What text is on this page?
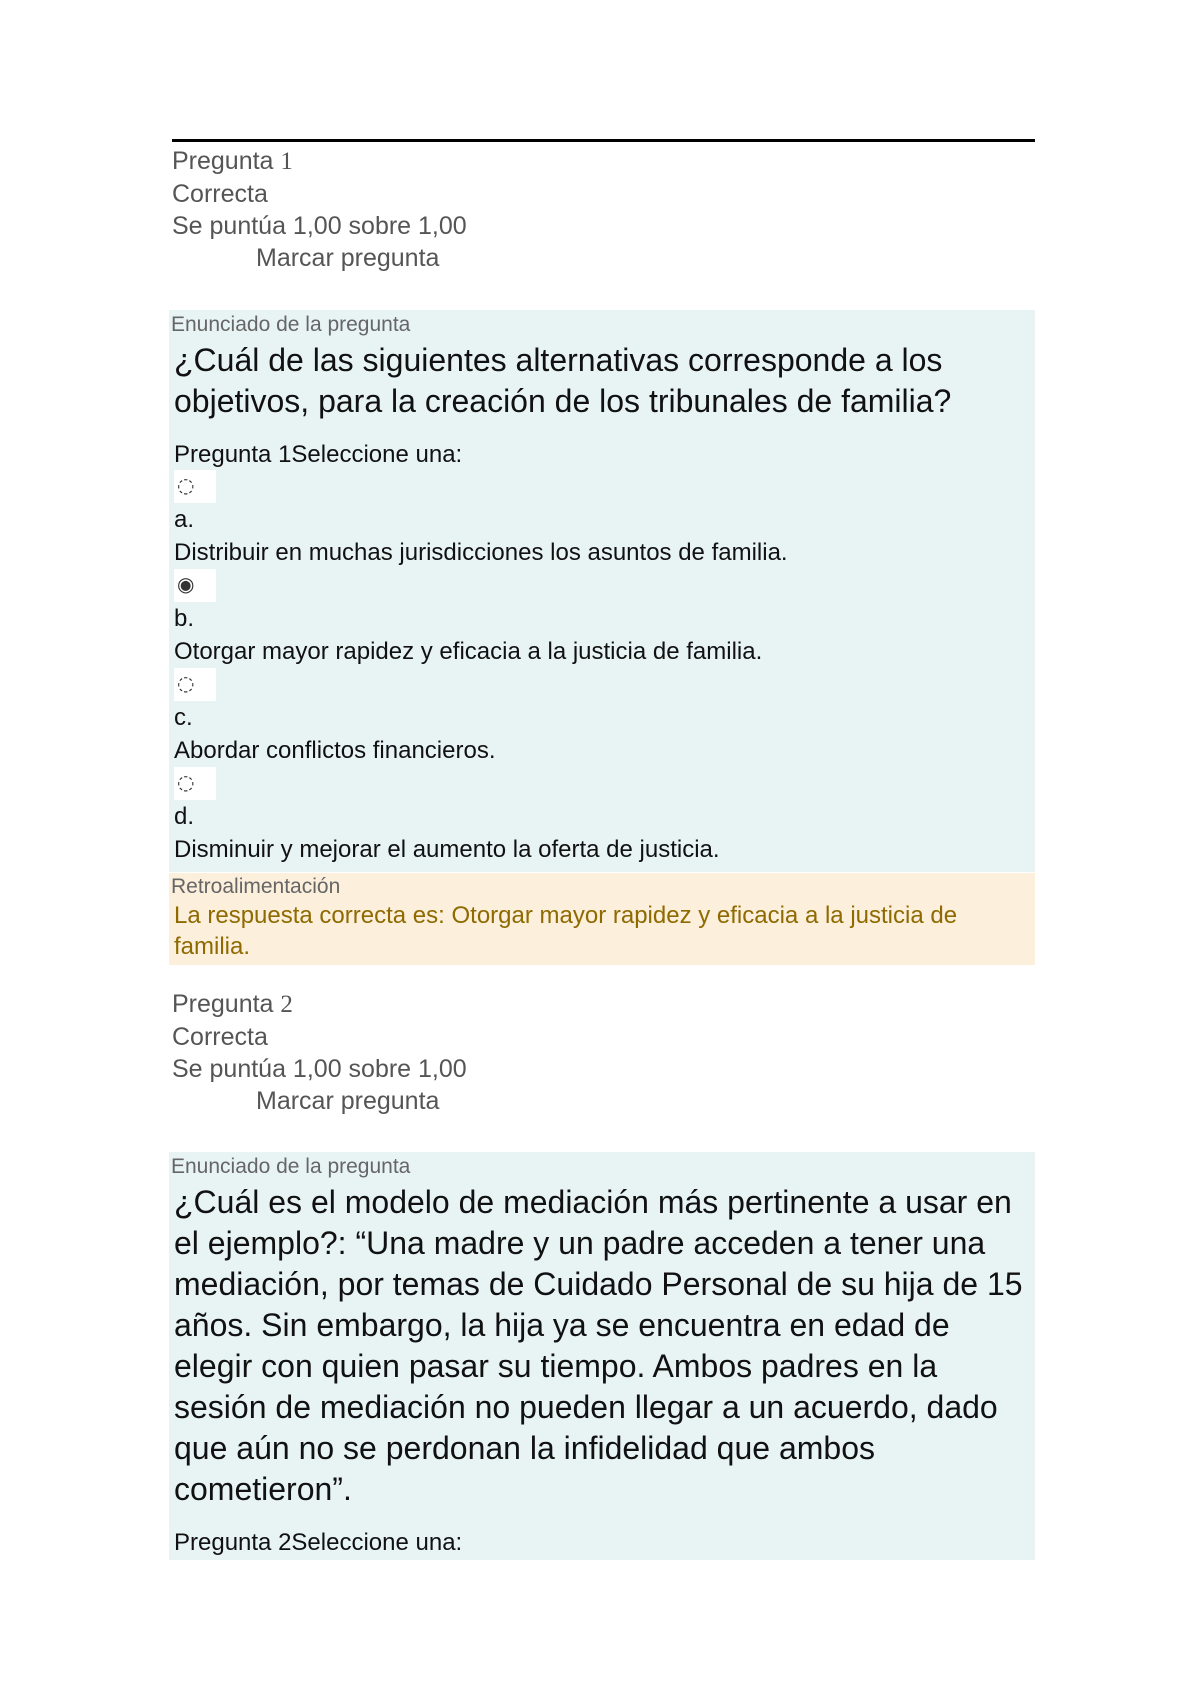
Pregunta 1
Correcta
Se puntúa 1,00 sobre 1,00
Marcar pregunta
Enunciado de la pregunta
¿Cuál de las siguientes alternativas corresponde a los objetivos, para la creación de los tribunales de familia?
Pregunta 1Seleccione una:
◌
a.
Distribuir en muchas jurisdicciones los asuntos de familia.
◉
b.
Otorgar mayor rapidez y eficacia a la justicia de familia.
◌
c.
Abordar conflictos financieros.
◌
d.
Disminuir y mejorar el aumento la oferta de justicia.
Retroalimentación
La respuesta correcta es: Otorgar mayor rapidez y eficacia a la justicia de familia.
Pregunta 2
Correcta
Se puntúa 1,00 sobre 1,00
Marcar pregunta
Enunciado de la pregunta
¿Cuál es el modelo de mediación más pertinente a usar en el ejemplo?: “Una madre y un padre acceden a tener una mediación, por temas de Cuidado Personal de su hija de 15 años. Sin embargo, la hija ya se encuentra en edad de elegir con quien pasar su tiempo. Ambos padres en la sesión de mediación no pueden llegar a un acuerdo, dado que aún no se perdonan la infidelidad que ambos cometieron”.
Pregunta 2Seleccione una:
